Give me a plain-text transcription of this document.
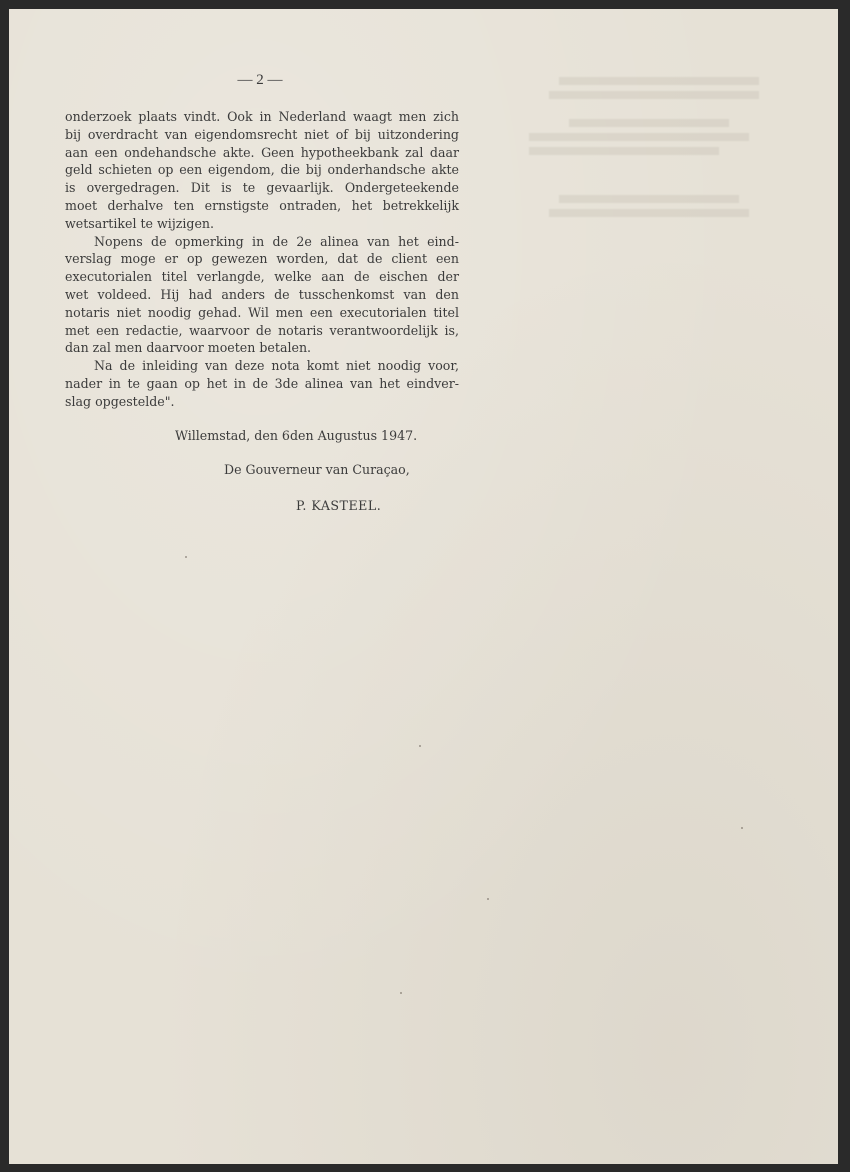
— 2 —
onderzoek plaats vindt. Ook in Nederland waagt men zich
bij overdracht van eigendomsrecht niet of bij uitzondering
aan een ondehandsche akte. Geen hypotheekbank zal daar
geld schieten op een eigendom, die bij onderhandsche akte
is overgedragen. Dit is te gevaarlijk. Ondergeteekende
moet derhalve ten ernstigste ontraden, het betrekkelijk
wetsartikel te wijzigen.
Nopens de opmerking in de 2e alinea van het eind-
verslag moge er op gewezen worden, dat de client een
executorialen titel verlangde, welke aan de eischen der
wet voldeed. Hij had anders de tusschenkomst van den
notaris niet noodig gehad. Wil men een executorialen titel
met een redactie, waarvoor de notaris verantwoordelijk is,
dan zal men daarvoor moeten betalen.
Na de inleiding van deze nota komt niet noodig voor,
nader in te gaan op het in de 3de alinea van het eindver-
slag opgestelde".
Willemstad, den 6den Augustus 1947.
De Gouverneur van Curaçao,
P. KASTEEL.
